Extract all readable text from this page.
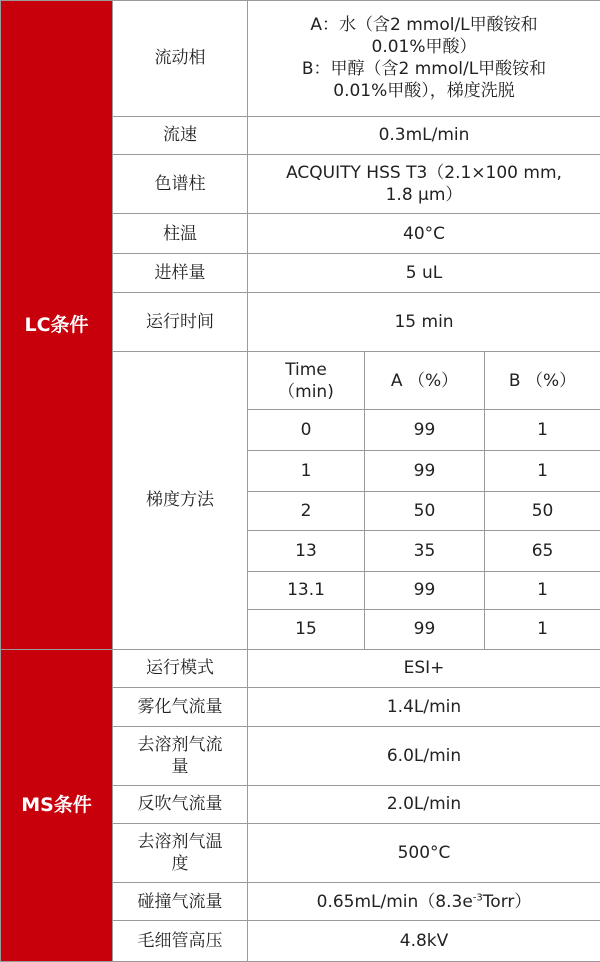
LC条件	流动相	A：水（含2 mmol/L甲酸铵和
0.01%甲酸）
B：甲醇（含2 mmol/L甲酸铵和
0.01%甲酸），梯度洗脱		

	流速	0.3mL/min		
	色谱柱	ACQUITY HSS T3（2.1×100 mm,
1.8 µm）		

	柱温	40°C		
	进样量	5 uL		
	运行时间	15 min		
	梯度方法	Time
（min)	A （%）	B （%）
		0	99	1
		1	99	1
		2	50	50
		13	35	65
		13.1	99	1
		15	99	1
MS条件	运行模式	ESI+		
	雾化气流量	1.4L/min		

	去溶剂气流
量	6.0L/min		
	反吹气流量	2.0L/min		

	去溶剂气温
度	500°C		
	碰撞气流量	$0.65mL/\min(8.3e^{-3}Torr)$		
	毛细管高压	4.8kV		
